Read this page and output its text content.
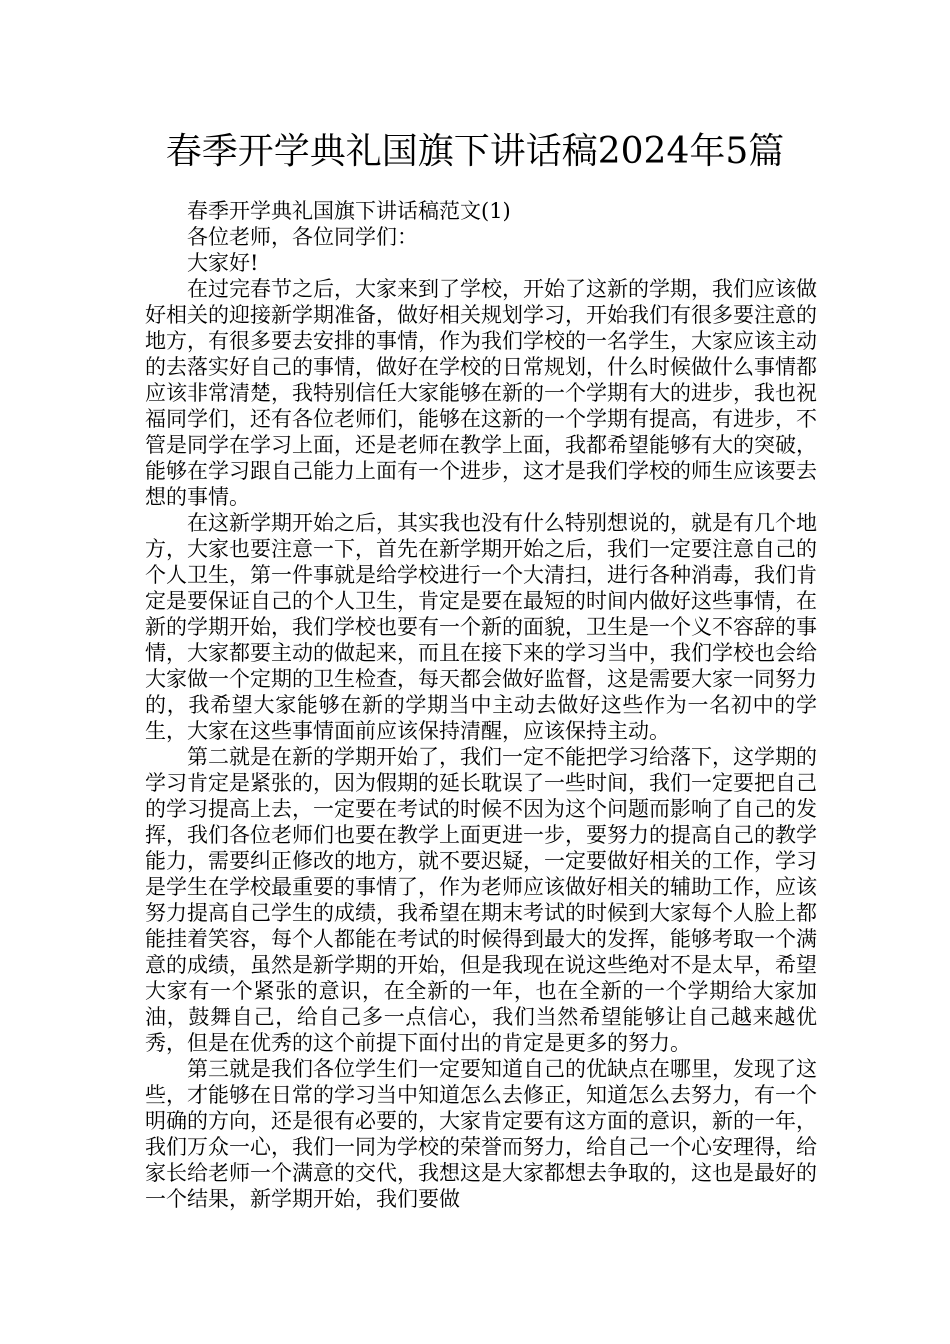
春季开学典礼国旗下讲话稿2024年5篇

春季开学典礼国旗下讲话稿范文(1)

各位老师，各位同学们：

大家好!

在过完春节之后，大家来到了学校，开始了这新的学期，我们应该做好相关的迎接新学期准备，做好相关规划学习，开始我们有很多要注意的地方，有很多要去安排的事情，作为我们学校的一名学生，大家应该主动的去落实好自己的事情，做好在学校的日常规划，什么时候做什么事情都应该非常清楚，我特别信任大家能够在新的一个学期有大的进步，我也祝福同学们，还有各位老师们，能够在这新的一个学期有提高，有进步，不管是同学在学习上面，还是老师在教学上面，我都希望能够有大的突破，能够在学习跟自己能力上面有一个进步，这才是我们学校的师生应该要去想的事情。

在这新学期开始之后，其实我也没有什么特别想说的，就是有几个地方，大家也要注意一下，首先在新学期开始之后，我们一定要注意自己的个人卫生，第一件事就是给学校进行一个大清扫，进行各种消毒，我们肯定是要保证自己的个人卫生，肯定是要在最短的时间内做好这些事情，在新的学期开始，我们学校也要有一个新的面貌，卫生是一个义不容辞的事情，大家都要主动的做起来，而且在接下来的学习当中，我们学校也会给大家做一个定期的卫生检查，每天都会做好监督，这是需要大家一同努力的，我希望大家能够在新的学期当中主动去做好这些作为一名初中的学生，大家在这些事情面前应该保持清醒，应该保持主动。

第二就是在新的学期开始了，我们一定不能把学习给落下，这学期的学习肯定是紧张的，因为假期的延长耽误了一些时间，我们一定要把自己的学习提高上去，一定要在考试的时候不因为这个问题而影响了自己的发挥，我们各位老师们也要在教学上面更进一步，要努力的提高自己的教学能力，需要纠正修改的地方，就不要迟疑，一定要做好相关的工作，学习是学生在学校最重要的事情了，作为老师应该做好相关的辅助工作，应该努力提高自己学生的成绩，我希望在期末考试的时候到大家每个人脸上都能挂着笑容，每个人都能在考试的时候得到最大的发挥，能够考取一个满意的成绩，虽然是新学期的开始，但是我现在说这些绝对不是太早，希望大家有一个紧张的意识，在全新的一年，也在全新的一个学期给大家加油，鼓舞自己，给自己多一点信心，我们当然希望能够让自己越来越优秀，但是在优秀的这个前提下面付出的肯定是更多的努力。

第三就是我们各位学生们一定要知道自己的优缺点在哪里，发现了这些，才能够在日常的学习当中知道怎么去修正，知道怎么去努力，有一个明确的方向，还是很有必要的，大家肯定要有这方面的意识，新的一年，我们万众一心，我们一同为学校的荣誉而努力，给自己一个心安理得，给家长给老师一个满意的交代，我想这是大家都想去争取的，这也是最好的一个结果，新学期开始，我们要做
